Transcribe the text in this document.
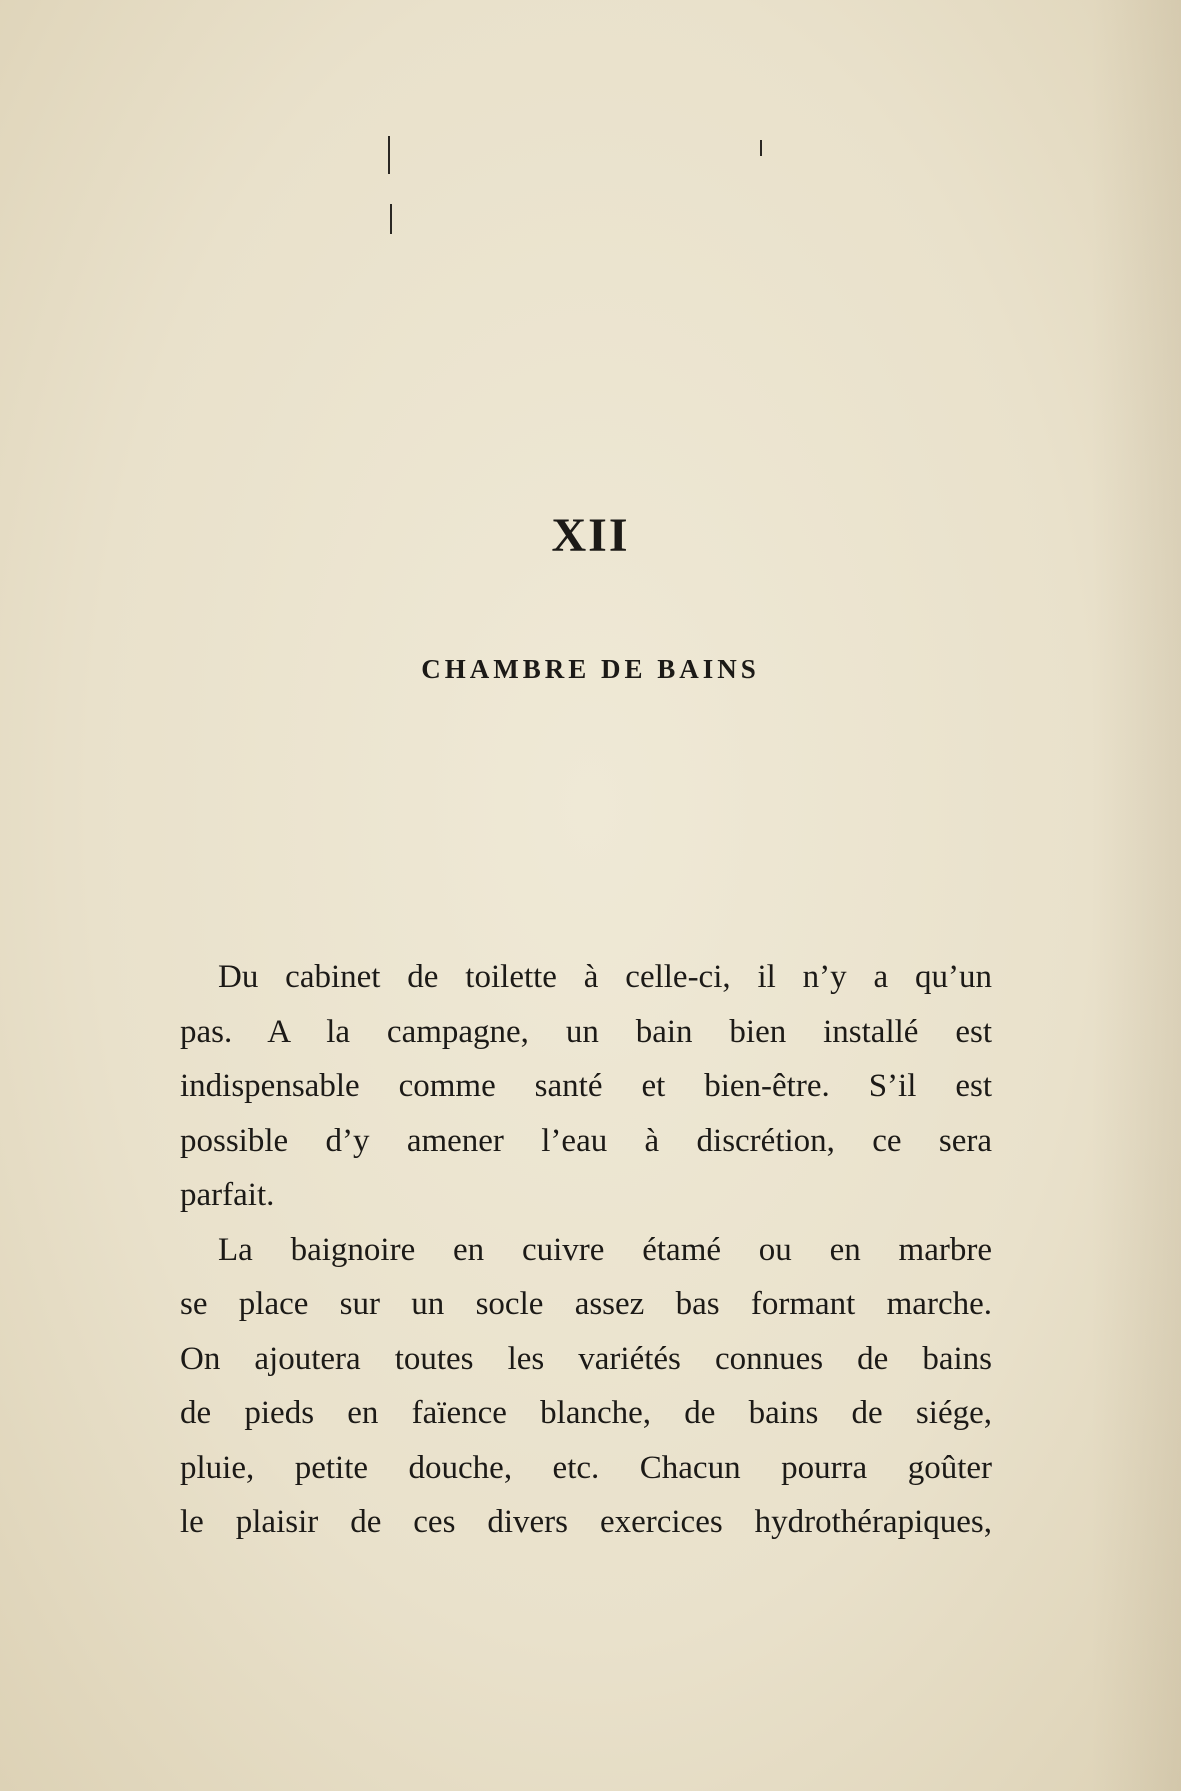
XII
CHAMBRE DE BAINS

Du cabinet de toilette à celle-ci, il n’y a qu’un
pas. A la campagne, un bain bien installé est
indispensable comme santé et bien-être. S’il est
possible d’y amener l’eau à discrétion, ce sera
parfait.

La baignoire en cuivre étamé ou en marbre
se place sur un socle assez bas formant marche.
On ajoutera toutes les variétés connues de bains
de pieds en faïence blanche, de bains de siége,
pluie, petite douche, etc. Chacun pourra goûter
le plaisir de ces divers exercices hydrothérapiques,
